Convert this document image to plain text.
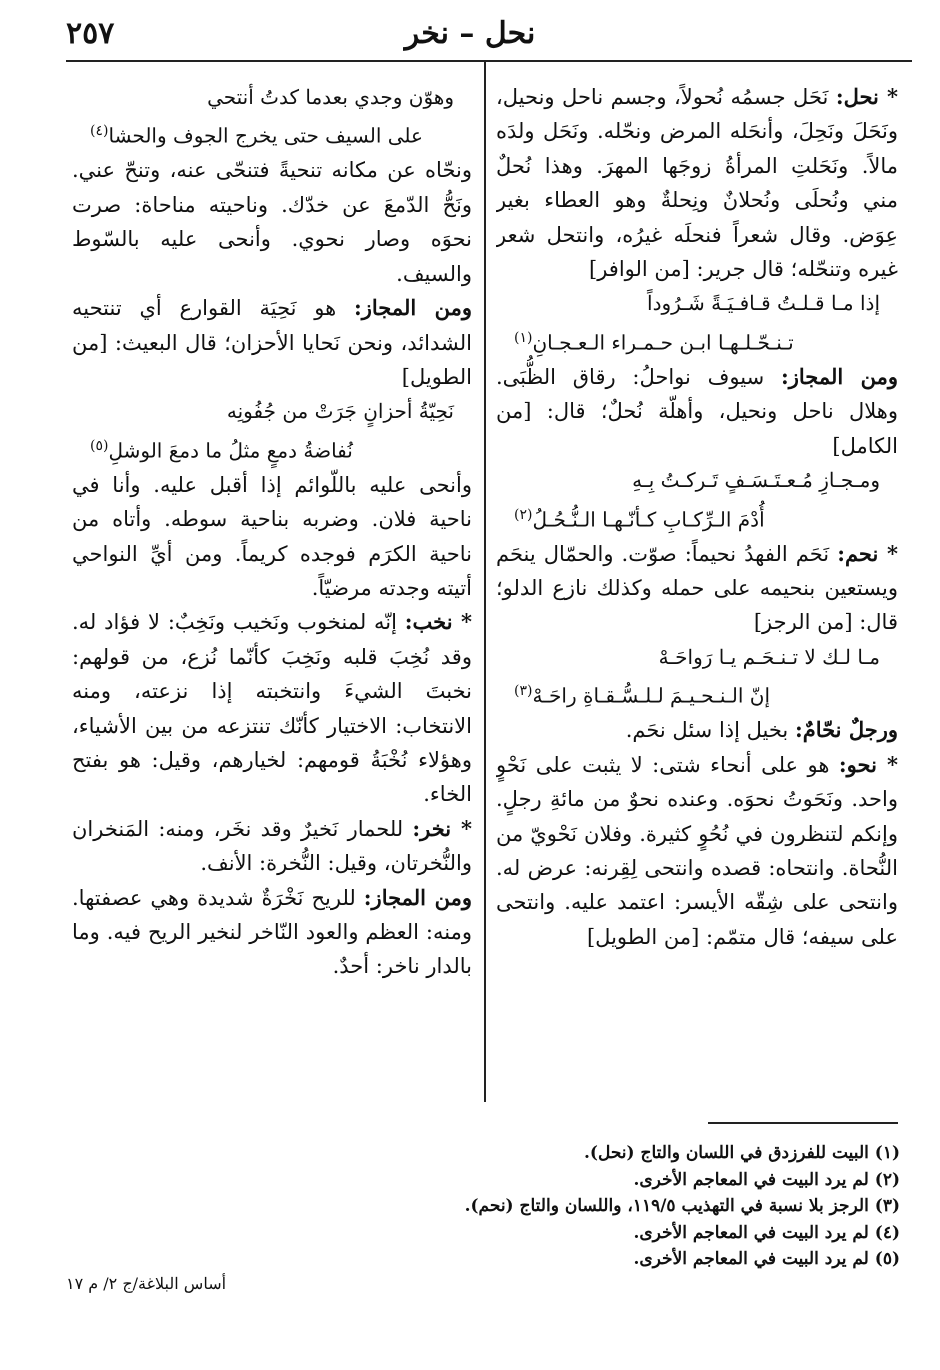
نحل – نخر
٢٥٧

* نحل: نَحَل جسمُه نُحولاً، وجسم ناحل ونحيل، ونَحَلَ ونَحِلَ، وأنحَله المرض ونحّله. ونَحَل ولدَه مالاً. ونَحَلتِ المرأةُ زوجَها المهرَ. وهذا نُحلٌ مني ونُحلَى ونُحلانٌ ونِحلةٌ وهو العطاء بغير عِوَض. وقال شعراً فنحلَه غيرُه، وانتحل شعر غيره وتنحّله؛ قال جرير: [من الوافر]

إذا مـا قـلـتُ قـافـيَـةً شَـرُوداً

تـنـحّـلـهـا ابـن حـمـراء الـعـجـانِ$^{(١)}$

ومن المجاز: سيوف نواحلُ: رقاق الظُّبَى. وهلال ناحل ونحيل، وأهلّة نُحلٌ؛ قال: [من الكامل]

ومـجـازِ مُـعـتَـسَـفٍ تَـركـتُ بِـهِ

أُدْمَ الـرِّكـابِ كـأنّـهـا الـنُّـحُـلُ$^{(٢)}$

* نحم: نَحَم الفهدُ نحيماً: صوّت. والحمّال ينحَم ويستعين بنحيمه على حمله وكذلك نازع الدلو؛ قال: [من الرجز]

مـا لـك لا تـنـحَـم يـا رَواحَـهْ

إنّ الـنـحـيـمَ لـلـسُّـقـاةِ راحَـهْ$^{(٣)}$

ورجلٌ نحّامٌ: بخيل إذا سئل نحَم.

* نحو: هو على أنحاء شتى: لا يثبت على نَحْوٍ واحد. ونَحَوتُ نحوَه. وعنده نحوٌ من مائةِ رجلٍ. وإنكم لتنظرون في نُحُوٍ كثيرة. وفلان نَحْويّ من النُّحاة. وانتحاه: قصده وانتحى لِقِرنه: عرض له. وانتحى على شِقّه الأيسر: اعتمد عليه. وانتحى على سيفه؛ قال متمّم: [من الطويل]

وهوّن وجدي بعدما كدتُ أنتحي

على السيف حتى يخرج الجوف والحشا$^{(٤)}$

ونحّاه عن مكانه تنحيةً فتنحّى عنه، وتنحّ عني. ونَحُّ الدّمعَ عن خدّك. وناحيته مناحاة: صرت نحوَه وصار نحوي. وأنحى عليه بالسّوط والسيف.

ومن المجاز: هو نَحِيَة القوارع أي تنتحيه الشدائد، ونحن نَحايا الأحزان؛ قال البعيث: [من الطويل]

نَحِيّةُ أحزانٍ جَرَتْ من جُفُونِه

نُفاضةُ دمعٍ مثلُ ما دمعَ الوشلِ$^{(٥)}$

وأنحى عليه باللّوائم إذا أقبل عليه. وأنا في ناحية فلان. وضربه بناحية سوطه. وأتاه من ناحية الكرَم فوجده كريماً. ومن أيِّ النواحي أتيته وجدته مرضيّاً.

* نخب: إنّه لمنخوب ونَخيب ونَخِبٌ: لا فؤاد له. وقد نُخِبَ قلبه ونَخِبَ كأنّما نُزع، من قولهم: نخبتَ الشيءَ وانتخبته إذا نزعته، ومنه الانتخاب: الاختيار كأنّك تنتزعه من بين الأشياء، وهؤلاء نُخْبَةُ قومهم: لخيارهم، وقيل: هو بفتح الخاء.

* نخر: للحمار نَخيرٌ وقد نخَر، ومنه: المَنخران والنُّخرتان، وقيل: النُّخرة: الأنف.

ومن المجاز: للريح نَخْرَةٌ شديدة وهي عصفتها. ومنه: العظم والعود النّاخر لنخير الريح فيه. وما بالدار ناخر: أحدٌ.

(١) البيت للفرزدق في اللسان والتاج (نحل).
(٢) لم يرد البيت في المعاجم الأخرى.
(٣) الرجز بلا نسبة في التهذيب ١١٩/٥، واللسان والتاج (نحم).
(٤) لم يرد البيت في المعاجم الأخرى.
(٥) لم يرد البيت في المعاجم الأخرى.
أساس البلاغة/ج ٢/ م ١٧
